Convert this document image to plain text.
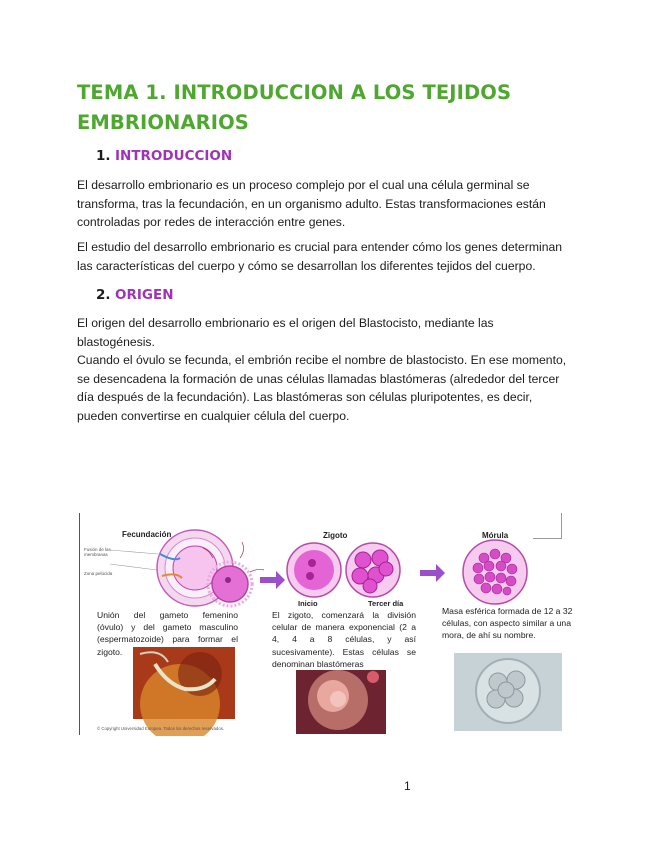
TEMA 1. INTRODUCCION A LOS TEJIDOS
EMBRIONARIOS
1. INTRODUCCION
El desarrollo embrionario es un proceso complejo por el cual una célula germinal se
transforma, tras la fecundación, en un organismo adulto. Estas transformaciones están
controladas por redes de interacción entre genes.
El estudio del desarrollo embrionario es crucial para entender cómo los genes determinan
las características del cuerpo y cómo se desarrollan los diferentes tejidos del cuerpo.
2. ORIGEN
El origen del desarrollo embrionario es el origen del Blastocisto, mediante las
blastogénesis.
Cuando el óvulo se fecunda, el embrión recibe el nombre de blastocisto. En ese momento,
se desencadena la formación de unas células llamadas blastómeras (alrededor del tercer
día después de la fecundación). Las blastómeras son células pluripotentes, es decir,
pueden convertirse en cualquier célula del cuerpo.
Fecundación	Zigoto	Mórula
Inicio	Tercer día
Fusión de las membranas
Zona pelúcida
Unión del gameto femenino
(óvulo) y del gameto masculino
(espermatozoide) para formar el
zigoto.
El zigoto, comenzará la división
celular de manera exponencial (2 a
4, 4 a 8 células, y así
sucesivamente). Estas células se
denominan blastómeras
Masa esférica formada de 12 a 32
células, con aspecto similar a una
mora, de ahí su nombre.
© Copyright Universidad Europea. Todos los derechos reservados.
1
